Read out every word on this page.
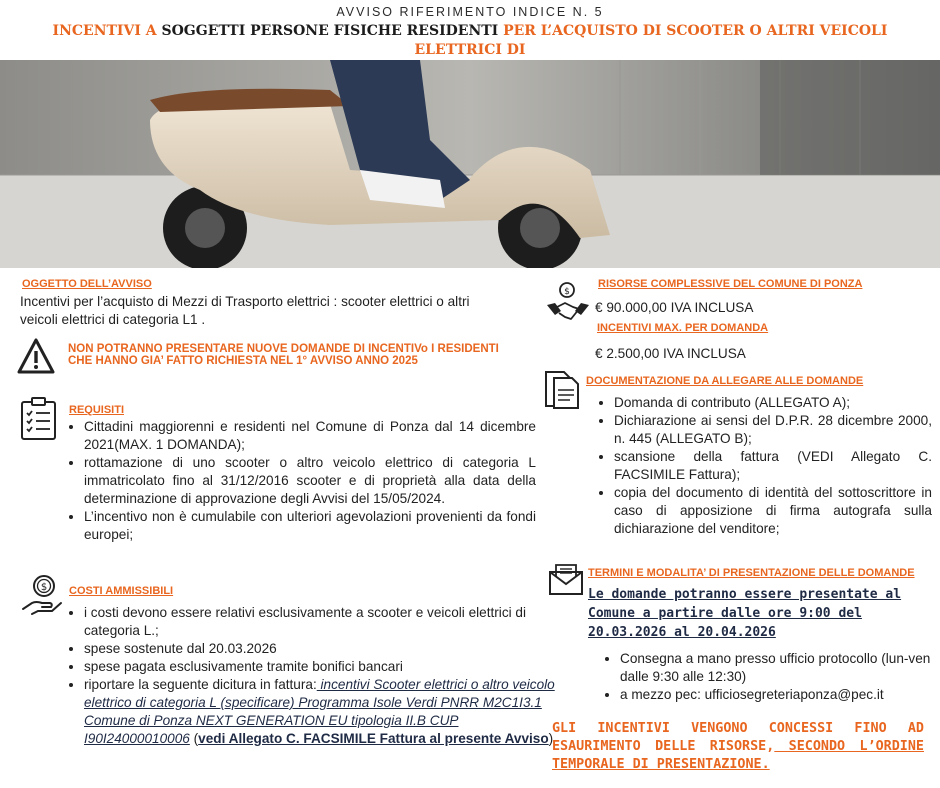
AVVISO RIFERIMENTO INDICE N. 5
INCENTIVI A SOGGETTI PERSONE FISICHE RESIDENTI PER L’ACQUISTO DI SCOOTER O ALTRI VEICOLI ELETTRICI DI

OGGETTO DELL’AVVISO
Incentivi per l’acquisto di Mezzi di Trasporto elettrici : scooter elettrici o altri veicoli elettrici di categoria L1 .
NON POTRANNO PRESENTARE NUOVE DOMANDE DI INCENTIVo I RESIDENTI CHE HANNO GIA’ FATTO RICHIESTA NEL 1° AVVISO ANNO 2025
REQUISITI
• Cittadini maggiorenni e residenti nel Comune di Ponza dal 14 dicembre 2021(MAX. 1 DOMANDA);
• rottamazione di uno scooter o altro veicolo elettrico di categoria L immatricolato fino al 31/12/2016 scooter e di proprietà alla data della determinazione di approvazione degli Avvisi del 15/05/2024.
• L’incentivo non è cumulabile con ulteriori agevolazioni provenienti da fondi europei;
$ COSTI AMMISSIBILI
• i costi devono essere relativi esclusivamente a scooter e veicoli elettrici di categoria L.;
• spese sostenute dal 20.03.2026
• spese pagata esclusivamente tramite bonifici bancari
• riportare la seguente dicitura in fattura: incentivi Scooter elettrici o altro veicolo elettrico di categoria L (specificare) Programma Isole Verdi PNRR M2C1I3.1 Comune di Ponza NEXT GENERATION EU tipologia II.B CUP I90I24000010006 (vedi Allegato C. FACSIMILE Fattura al presente Avviso)
$
RISORSE COMPLESSIVE DEL COMUNE DI PONZA
€ 90.000,00 IVA INCLUSA
INCENTIVI MAX. PER DOMANDA
€ 2.500,00 IVA INCLUSA
DOCUMENTAZIONE DA ALLEGARE ALLE DOMANDE
• Domanda di contributo (ALLEGATO A);
• Dichiarazione ai sensi del D.P.R. 28 dicembre 2000, n. 445 (ALLEGATO B);
• scansione della fattura (VEDI Allegato C. FACSIMILE Fattura);
• copia del documento di identità del sottoscrittore in caso di apposizione di firma autografa sulla dichiarazione del venditore;
TERMINI E MODALITA’ DI PRESENTAZIONE DELLE DOMANDE
Le domande potranno essere presentate al Comune a partire dalle ore 9:00 del 20.03.2026 al 20.04.2026
• Consegna a mano presso ufficio protocollo (lun-ven dalle 9:30 alle 12:30)
• a mezzo pec: ufficiosegreteriaponza@pec.it
GLI INCENTIVI VENGONO CONCESSI FINO AD ESAURIMENTO DELLE RISORSE, SECONDO L’ORDINE TEMPORALE DI PRESENTAZIONE.
